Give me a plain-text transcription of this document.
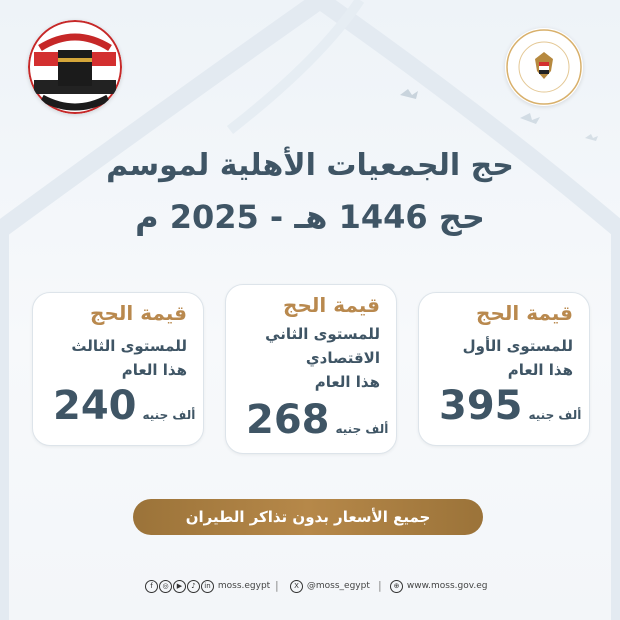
حج الجمعيات الأهلية لموسم
حج 1446 هـ - 2025 م
قيمة الحج
للمستوى الأول
هذا العام
ألف جنيه395
قيمة الحج
للمستوى الثاني
الاقتصادي
هذا العام
ألف جنيه268
قيمة الحج
للمستوى الثالث
هذا العام
ألف جنيه240
جميع الأسعار بدون تذاكر الطيران
f ◎ ▶ ♪ in moss.egypt |	X @moss_egypt |	⊕ www.moss.gov.eg
